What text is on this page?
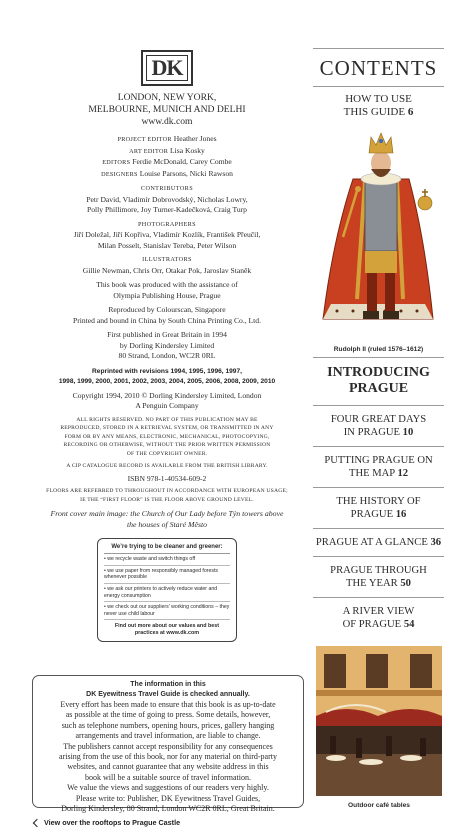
DK
LONDON, NEW YORK,
MELBOURNE, MUNICH AND DELHI
www.dk.com
PROJECT EDITOR Heather Jones
ART EDITOR Lisa Kosky
EDITORS Ferdie McDonald, Carey Combe
DESIGNERS Louise Parsons, Nicki Rawson
CONTRIBUTORS
Petr David, Vladimír Dobrovodský, Nicholas Lowry,
Polly Phillimore, Joy Turner-Kadečková, Craig Turp
PHOTOGRAPHERS
Jiří Doležal, Jiří Kopřiva, Vladimír Kozlík, František Přeučil,
Milan Posselt, Stanislav Tereba, Peter Wilson
ILLUSTRATORS
Gillie Newman, Chris Orr, Otakar Pok, Jaroslav Staněk
This book was produced with the assistance of
Olympia Publishing House, Prague
Reproduced by Colourscan, Singapore
Printed and bound in China by South China Printing Co., Ltd.
First published in Great Britain in 1994
by Dorling Kindersley Limited
80 Strand, London, WC2R 0RL
Reprinted with revisions 1994, 1995, 1996, 1997,
1998, 1999, 2000, 2001, 2002, 2003, 2004, 2005, 2006, 2008, 2009, 2010
Copyright 1994, 2010 © Dorling Kindersley Limited, London
A Penguin Company
ALL RIGHTS RESERVED. NO PART OF THIS PUBLICATION MAY BE
REPRODUCED, STORED IN A RETRIEVAL SYSTEM, OR TRANSMITTED IN ANY
FORM OR BY ANY MEANS, ELECTRONIC, MECHANICAL, PHOTOCOPYING,
RECORDING OR OTHERWISE, WITHOUT THE PRIOR WRITTEN PERMISSION
OF THE COPYRIGHT OWNER.
A CIP CATALOGUE RECORD IS AVAILABLE FROM THE BRITISH LIBRARY.
ISBN 978-1-40534-609-2
FLOORS ARE REFERRED TO THROUGHOUT IN ACCORDANCE WITH EUROPEAN USAGE;
IE THE “FIRST FLOOR” IS THE FLOOR ABOVE GROUND LEVEL.
Front cover main image: the Church of Our Lady before Týn towers above
the houses of Staré Město
We’re trying to be cleaner and greener:
• we recycle waste and switch things off
• we use paper from responsibly managed forests whenever possible
• we ask our printers to actively reduce water and energy consumption
• we check out our suppliers’ working conditions – they never use child labour
Find out more about our values and best practices at www.dk.com
The information in this
DK Eyewitness Travel Guide is checked annually.
Every effort has been made to ensure that this book is as up-to-date
as possible at the time of going to press. Some details, however,
such as telephone numbers, opening hours, prices, gallery hanging
arrangements and travel information, are liable to change.
The publishers cannot accept responsibility for any consequences
arising from the use of this book, nor for any material on third-party
websites, and cannot guarantee that any website address in this
book will be a suitable source of travel information.
We value the views and suggestions of our readers very highly.
Please write to: Publisher, DK Eyewitness Travel Guides,
Dorling Kindersley, 80 Strand, London WC2R 0RL, Great Britain.
View over the rooftops to Prague Castle
CONTENTS
HOW TO USE
THIS GUIDE 6
Rudolph II (ruled 1576–1612)
INTRODUCING
PRAGUE
FOUR GREAT DAYS
IN PRAGUE 10
PUTTING PRAGUE ON
THE MAP 12
THE HISTORY OF
PRAGUE 16
PRAGUE AT A GLANCE 36
PRAGUE THROUGH
THE YEAR 50
A RIVER VIEW
OF PRAGUE 54
Outdoor café tables
